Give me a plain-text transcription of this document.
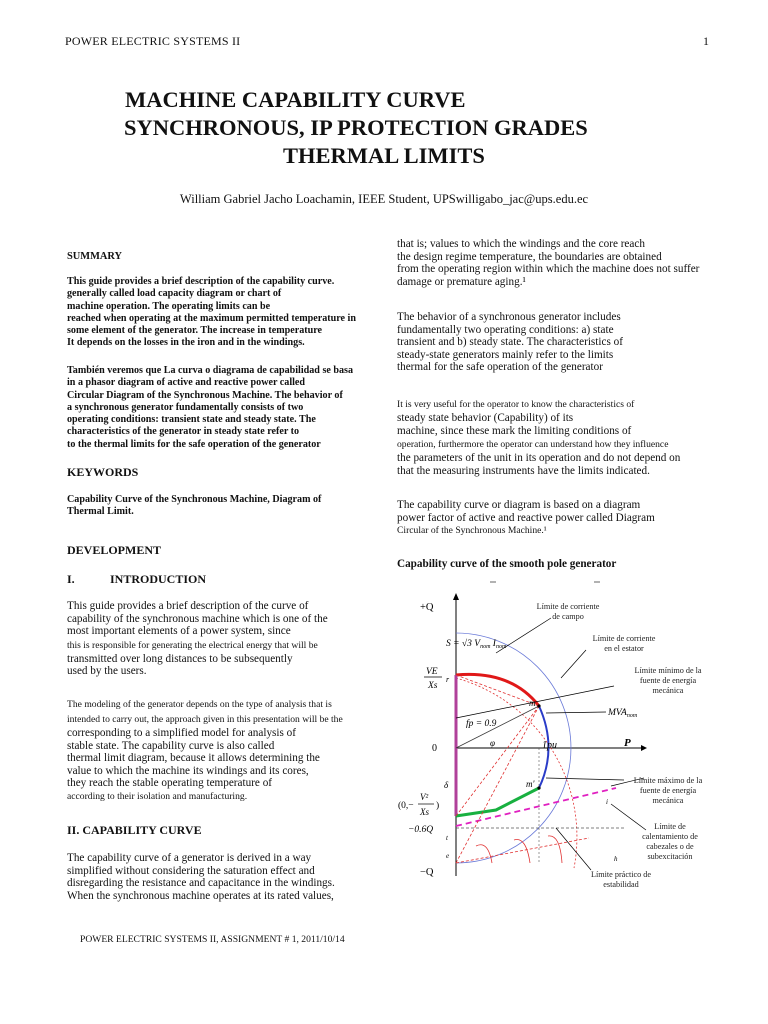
POWER ELECTRIC SYSTEMS II	1
MACHINE CAPABILITY CURVE
SYNCHRONOUS, IP PROTECTION GRADES
THERMAL LIMITS
William Gabriel Jacho Loachamin, IEEE Student, UPSwilligabo_jac@ups.edu.ec
SUMMARY
This guide provides a brief description of the capability curve.
generally called load capacity diagram or chart of
machine operation. The operating limits can be
reached when operating at the maximum permitted temperature in
some element of the generator. The increase in temperature
It depends on the losses in the iron and in the windings.
También veremos que La curva o diagrama de capabilidad se basa
in a phasor diagram of active and reactive power called
Circular Diagram of the Synchronous Machine. The behavior of
a synchronous generator fundamentally consists of two
operating conditions: transient state and steady state. The
characteristics of the generator in steady state refer to
to the thermal limits for the safe operation of the generator
KEYWORDS
Capability Curve of the Synchronous Machine, Diagram of
Thermal Limit.
DEVELOPMENT
I.	INTRODUCTION
This guide provides a brief description of the curve of
capability of the synchronous machine which is one of the
most important elements of a power system, since
this is responsible for generating the electrical energy that will be
transmitted over long distances to be subsequently
used by the users.
The modeling of the generator depends on the type of analysis that is
intended to carry out, the approach given in this presentation will be the
corresponding to a simplified model for analysis of
stable state. The capability curve is also called
thermal limit diagram, because it allows determining the
value to which the machine its windings and its cores,
they reach the stable operating temperature of
according to their isolation and manufacturing.
II. CAPABILITY CURVE
The capability curve of a generator is derived in a way
simplified without considering the saturation effect and
disregarding the resistance and capacitance in the windings.
When the synchronous machine operates at its rated values,
that is; values to which the windings and the core reach
the design regime temperature, the boundaries are obtained
from the operating region within which the machine does not suffer
damage or premature aging.¹
The behavior of a synchronous generator includes
fundamentally two operating conditions: a) state
transient and b) steady state. The characteristics of
steady-state generators mainly refer to the limits
thermal for the safe operation of the generator
It is very useful for the operator to know the characteristics of
steady state behavior (Capability) of its
machine, since these mark the limiting conditions of
operation, furthermore the operator can understand how they influence
the parameters of the unit in its operation and do not depend on
that the measuring instruments have the limits indicated.
The capability curve or diagram is based on a diagram
power factor of active and reactive power called Diagram
Circular of the Synchronous Machine.¹
Capability curve of the smooth pole generator
+Q
−Q
P
0	1pu
S = √3 $V_{nom}$ $I_{nom}$
VE
Xs
r
fp = 0.9
φ
δ
m
m'
(0,−
V²
Xs
)
−0.6Q
t
e	h
i
$MVA_{nom}$
Límite de corriente
de campo
Límite de corriente
en el estator
Límite mínimo de la
fuente de energía
mecánica
Límite máximo de la
fuente de energía
mecánica
Límite de
calentamiento de
cabezales o de
subexcitación
Límite práctico de
estabilidad
POWER ELECTRIC SYSTEMS II, ASSIGNMENT # 1, 2011/10/14
